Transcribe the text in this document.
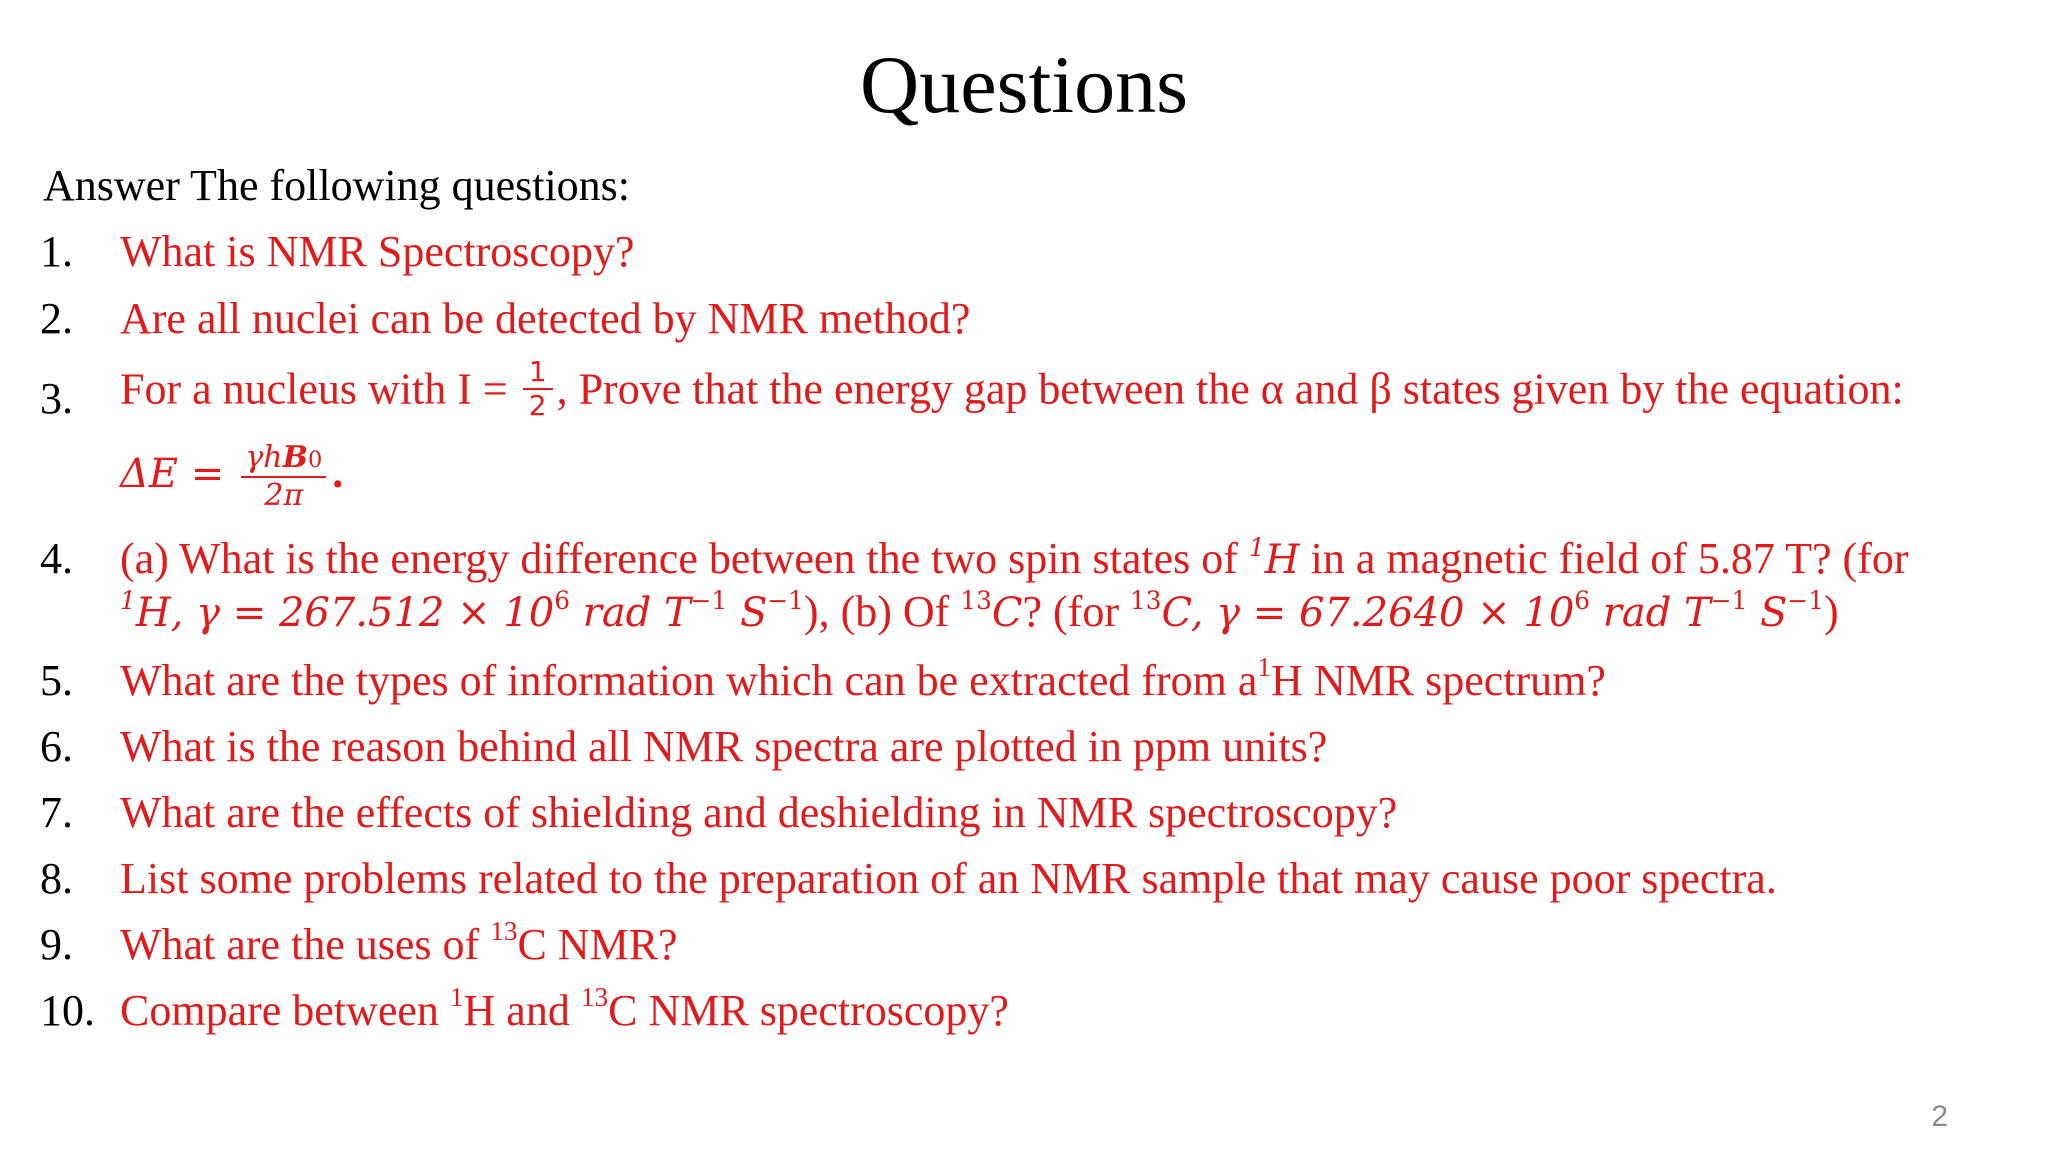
Questions
Answer The following questions:
1. What is NMR Spectroscopy?
2. Are all nuclei can be detected by NMR method?
3. For a nucleus with $I = \frac{1}{2}$ , Prove that the energy gap between the α and β states given by the equation:
$\Delta E = \frac{\text{γhB0}}{2\pi}$ .
4. (a) What is the energy difference between the two spin states of $^1$H in a magnetic field of 5.87 T? (for
$^1$H, $\gamma = 267.512 \times 10^6$ rad $T^{-1}$ $S^{-1}$), (b) Of $^{13}$C? (for $^{13}$C, $\gamma = 67.2640 \times 10^6$ rad $T^{-1}$ $S^{-1}$)
5. What are the types of information which can be extracted from $a^1H$ NMR spectrum?
6. What is the reason behind all NMR spectra are plotted in ppm units?
7. What are the effects of shielding and deshielding in NMR spectroscopy?
8. List some problems related to the preparation of an NMR sample that may cause poor spectra.
9. What are the uses of $^{13}$C NMR?
10. Compare between $^1$H and $^{13}$C NMR spectroscopy?
2
